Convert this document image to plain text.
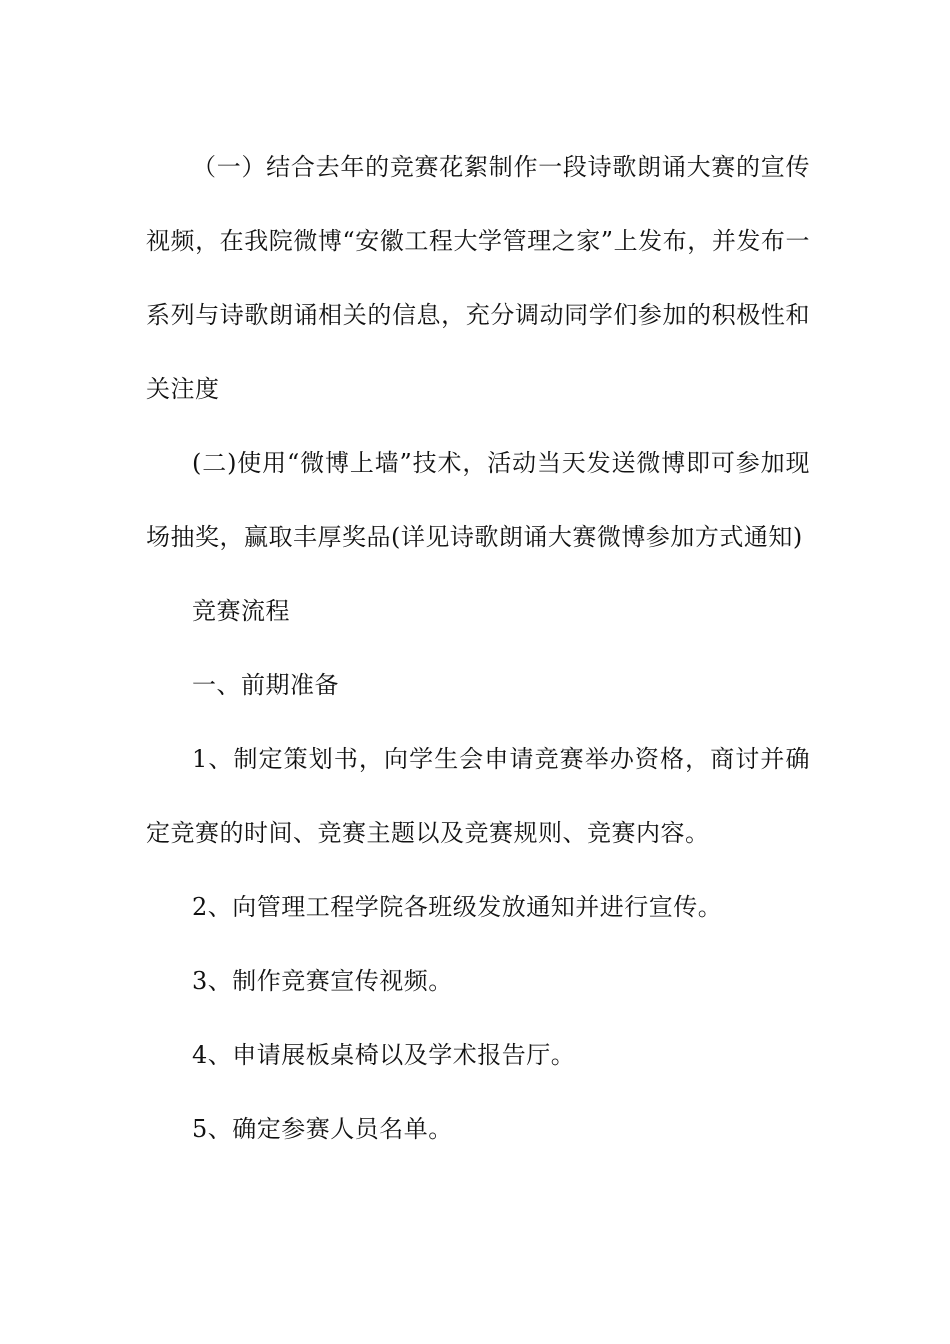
（一）结合去年的竞赛花絮制作一段诗歌朗诵大赛的宣传视频，在我院微博“安徽工程大学管理之家”上发布，并发布一系列与诗歌朗诵相关的信息，充分调动同学们参加的积极性和关注度

(二)使用“微博上墙”技术，活动当天发送微博即可参加现场抽奖，赢取丰厚奖品(详见诗歌朗诵大赛微博参加方式通知)

竞赛流程

一、前期准备

1、制定策划书，向学生会申请竞赛举办资格，商讨并确定竞赛的时间、竞赛主题以及竞赛规则、竞赛内容。

2、向管理工程学院各班级发放通知并进行宣传。

3、制作竞赛宣传视频。

4、申请展板桌椅以及学术报告厅。

5、确定参赛人员名单。
